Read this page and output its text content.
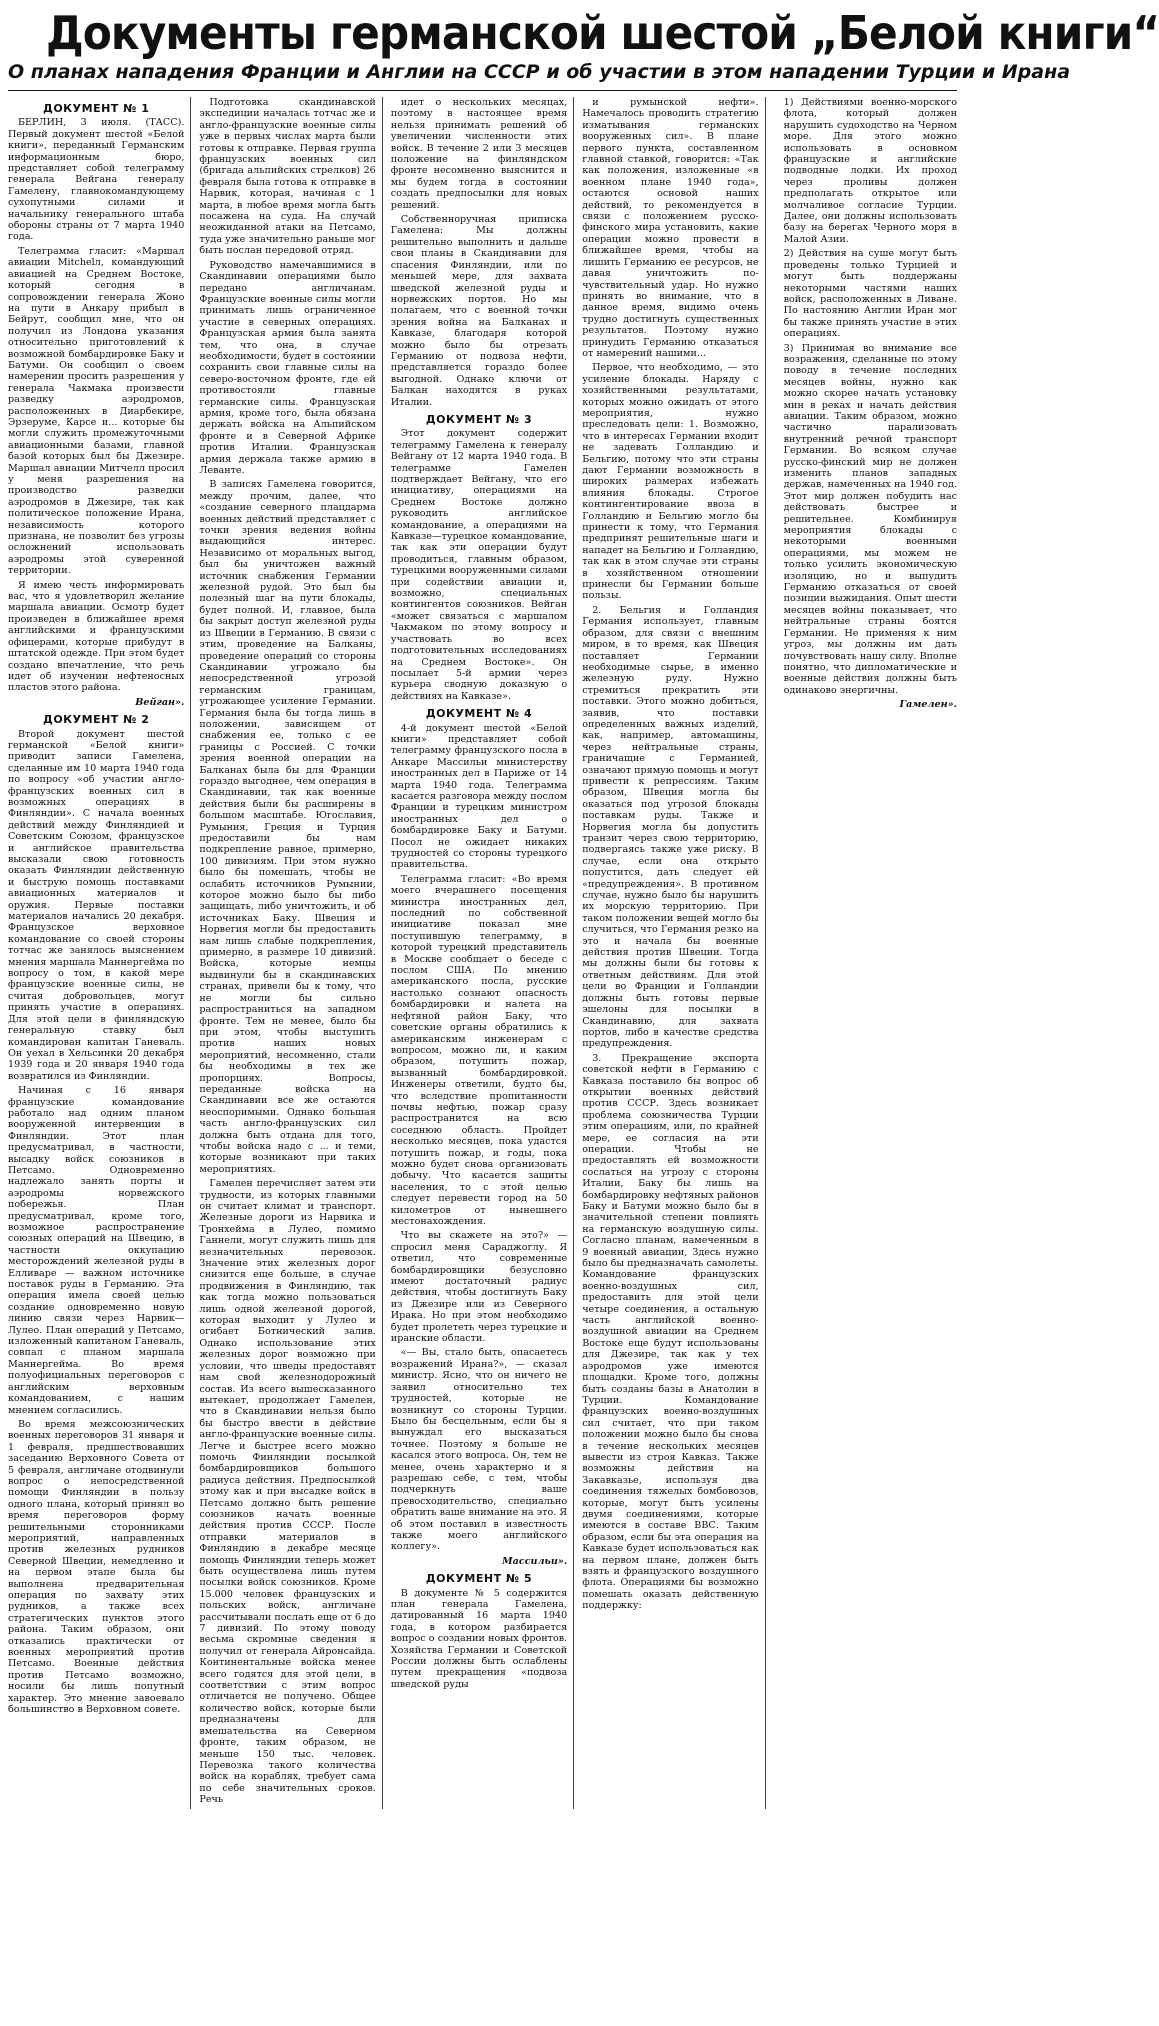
Документы германской шестой „Белой книги“
О планах нападения Франции и Англии на СССР и об участии в этом нападении Турции и Ирана
ДОКУМЕНТ № 1

БЕРЛИН, 3 июля. (ТАСС). Первый документ шестой «Белой книги», переданный Германским информационным бюро, представляет собой телеграмму генерала Вейгана генералу Гамелену, главнокомандующему сухопутными силами и начальнику генерального штаба обороны страны от 7 марта 1940 года.

Телеграмма гласит: «Маршал авиации Мitchelл, командующий авиацией на Среднем Востоке, который сегодня в сопровождении генерала Жоно на пути в Анкару прибыл в Бейрут, сообщил мне, что он получил из Лондона указания относительно приготовлений к возможной бомбардировке Баку и Батуми. Он сообщил о своем намерении просить разрешения у генерала Чакмака произвести разведку аэродромов, расположенных в Диарбекире, Эрзеруме, Карсе и... которые бы могли служить промежуточными авиационными базами, главной базой которых был бы Джезире. Маршал авиации Митчелл просил у меня разрешения на производство разведки аэродромов в Джезире, так как политическое положение Ирана, независимость которого признана, не позволит без угрозы осложнений использовать аэродромы этой суверенной территории.

Я имею честь информировать вас, что я удовлетворил желание маршала авиации. Осмотр будет произведен в ближайшее время английскими и французскими офицерами, которые прибудут в штатской одежде. При этом будет создано впечатление, что речь идет об изучении нефтеносных пластов этого района.

Вейган».
ДОКУМЕНТ № 2

Второй документ шестой германской «Белой книги» приводит записи Гамелена, сделанные им 10 марта 1940 года по вопросу «об участии англо-французских военных сил в возможных операциях в Финляндии». С начала военных действий между Финляндией и Советским Союзом, французское и английское правительства высказали свою готовность оказать Финляндии действенную и быструю помощь поставками авиационных материалов и оружия. Первые поставки материалов начались 20 декабря. Французское верховное командование со своей стороны тотчас же занялось выяснением мнения маршала Маннергейма по вопросу о том, в какой мере французские военные силы, не считая добровольцев, могут принять участие в операциях. Для этой цели в финляндскую генеральную ставку был командирован капитан Ганеваль. Он уехал в Хельсинки 20 декабря 1939 года и 20 января 1940 года возвратился из Финляндии.

Начиная с 16 января французские командование работало над одним планом вооруженной интервенции в Финляндии. Этот план предусматривал, в частности, высадку войск союзников в Петсамо. Одновременно надлежало занять порты и аэродромы норвежского побережья. План предусматривал, кроме того, возможное распространение союзных операций на Швецию, в частности оккупацию месторождений железной руды в Елливаре — важном источнике поставок руды в Германию. Эта операция имела своей целью создание одновременно новую линию связи через Нарвик—Лулео. План операций у Петсамо, изложенный капитаном Ганеваль, совпал с планом маршала Маннергейма. Во время полуофициальных переговоров с английским верховным командованием, с нашим мнением согласились.

Во время межсоюзнических военных переговоров 31 января и 1 февраля, предшествовавших заседанию Верховного Совета от 5 февраля, англичане отодвинули вопрос о непосредственной помощи Финляндии в пользу одного плана, который принял во время переговоров форму решительными сторонниками мероприятий, направленных против железных рудников Северной Швеции, немедленно и на первом этапе была бы выполнена предварительная операция по захвату этих рудников, а также всех стратегических пунктов этого района. Таким образом, они отказались практически от военных мероприятий против Петсамо. Военные действия против Петсамо возможно, носили бы лишь попутный характер. Это мнение завоевало большинство в Верховном совете.

Подготовка скандинавской экспедиции началась тотчас же и англо-французские военные силы уже в первых числах марта были готовы к отправке. Первая группа французских военных сил (бригада альпийских стрелков) 26 февраля была готова к отправке в Нарвик, которая, начиная с 1 марта, в любое время могла быть посажена на суда. На случай неожиданной атаки на Петсамо, туда уже значительно раньше мог быть послан передовой отряд.

Руководство намечавшимися в Скандинавии операциями было передано англичанам. Французские военные силы могли принимать лишь ограниченное участие в северных операциях. Французская армия была занята тем, что она, в случае необходимости, будет в состоянии сохранить свои главные силы на северо-восточном фронте, где ей противостояли главные германские силы. Французская армия, кроме того, была обязана держать войска на Альпийском фронте и в Северной Африке против Италии. Французская армия держала также армию в Леванте.

В записях Гамелена говорится, между прочим, далее, что «создание северного плацдарма военных действий представляет с точки зрения ведения войны выдающийся интерес. Независимо от моральных выгод, был бы уничтожен важный источник снабжения Германии железной рудой. Это был бы полезный шаг на пути блокады, будет полной. И, главное, была бы закрыт доступ железной руды из Швеции в Германию. В связи с этим, проведение на Балканы, проведение операций со стороны Скандинавии угрожало бы непосредственной угрозой германским границам, угрожающее усиление Германии. Германия была бы тогда лишь в положении, зависящем от снабжения ее, только с ее границы с Россией. С точки зрения военной операции на Балканах была бы для Франции гораздо выгоднее, чем операция в Скандинавии, так как военные действия были бы расширены в большом масштабе. Югославия, Румыния, Греция и Турция предоставили бы нам подкрепление равное, примерно, 100 дивизиям. При этом нужно было бы помешать, чтобы не ослабить источников Румынии, которое можно было бы либо защищать, либо уничтожить, и об источниках Баку. Швеция и Норвегия могли бы предоставить нам лишь слабые подкрепления, примерно, в размере 10 дивизий. Войска, которые немцы выдвинули бы в скандинавских странах, привели бы к тому, что не могли бы сильно распространиться на западном фронте. Тем не менее, было бы при этом, чтобы выступить против наших новых мероприятий, несомненно, стали бы необходимы в тех же пропорциях. Вопросы, переданные войска на Скандинавии все же остаются неоспоримыми. Однако большая часть англо-французских сил должна быть отдана для того, чтобы войска надо с ... и теми, которые возникают при таких мероприятиях.

Гамелен перечисляет затем эти трудности, из которых главными он считает климат и транспорт. Железные дороги из Нарвика и Тронхейма в Лулео, помимо Ганнели, могут служить лишь для незначительных перевозок. Значение этих железных дорог снизится еще больше, в случае продвижения в Финляндию, так как тогда можно пользоваться лишь одной железной дорогой, которая выходит у Лулео и огибает Ботнический залив. Однако использование этих железных дорог возможно при условии, что шведы предоставят нам свой железнодорожный состав. Из всего вышесказанного вытекает, продолжает Гамелен, что в Скандинавии нельзя было бы быстро ввести в действие англо-французские военные силы. Легче и быстрее всего можно помочь Финляндии посылкой бомбардировщиков большого радиуса действия. Предпосылкой этому как и при высадке войск в Петсамо должно быть решение союзников начать военные действия против СССР. После отправки материалов в Финляндию в декабре месяце помощь Финляндии теперь может быть осуществлена лишь путем посылки войск союзников. Кроме 15.000 человек французских и польских войск, англичане рассчитывали послать еще от 6 до 7 дивизий. По этому поводу весьма скромные сведения я получил от генерала Айронсайда. Континентальные войска менее всего годятся для этой цели, в соответствии с этим вопрос отличается не получено. Общее количество войск, которые были предназначены для вмешательства на Северном фронте, таким образом, не меньше 150 тыс. человек. Перевозка такого количества войск на кораблях, требует сама по себе значительных сроков. Речь

идет о нескольких месяцах, поэтому в настоящее время нельзя принимать решений об увеличении численности этих войск. В течение 2 или 3 месяцев положение на финляндском фронте несомненно выяснится и мы будем тогда в состоянии создать предпосылки для новых решений.

Собственноручная приписка Гамелена: Мы должны решительно выполнить и дальше свои планы в Скандинавии для спасения Финляндии, или по меньшей мере, для захвата шведской железной руды и норвежских портов. Но мы полагаем, что с военной точки зрения война на Балканах и Кавказе, благодаря которой можно было бы отрезать Германию от подвоза нефти, представляется гораздо более выгодной. Однако ключи от Балкан находятся в руках Италии.

ДОКУМЕНТ № 3

Этот документ содержит телеграмму Гамелена к генералу Вейгану от 12 марта 1940 года. В телеграмме Гамелен подтверждает Вейгану, что его инициативу, операциями на Среднем Востоке должно руководить английское командование, а операциями на Кавказе—турецкое командование, так как эти операции будут проводиться, главным образом, турецкими вооруженными силами при содействии авиации и, возможно, специальных контингентов союзников. Вейган «может связаться с маршалом Чакмаком по этому вопросу и участвовать во всех подготовительных исследованиях на Среднем Востоке». Он посылает 5-й армии через курьера сводную доказную о действиях на Кавказе».

ДОКУМЕНТ № 4

4-й документ шестой «Белой книги» представляет собой телеграмму французского посла в Анкаре Массильи министерству иностранных дел в Париже от 14 марта 1940 года. Телеграмма касается разговора между послом Франции и турецким министром иностранных дел о бомбардировке Баку и Батуми. Посол не ожидает никаких трудностей со стороны турецкого правительства.

Телеграмма гласит: «Во время моего вчерашнего посещения министра иностранных дел, последний по собственной инициативе показал мне поступившую телеграмму, в которой турецкий представитель в Москве сообщает о беседе с послом США. По мнению американского посла, русские настолько сознают опасность бомбардировки и налета на нефтяной район Баку, что советские органы обратились к американским инженерам с вопросом, можно ли, и каким образом, потушить пожар, вызванный бомбардировкой. Инженеры ответили, будто бы, что вследствие пропитанности почвы нефтью, пожар сразу распространится на всю соседнюю область. Пройдет несколько месяцев, пока удастся потушить пожар, и годы, пока можно будет снова организовать добычу. Что касается защиты населения, то с этой целью следует перевести город на 50 километров от нынешнего местонахождения.

Что вы скажете на это?» — спросил меня Сараджоглу. Я ответил, что современные бомбардировщики безусловно имеют достаточный радиус действия, чтобы достигнуть Баку из Джезире или из Северного Ирака. Но при этом необходимо будет пролететь через турецкие и иранские области.

«— Вы, стало быть, опасаетесь возражений Ирана?», — сказал министр. Ясно, что он ничего не заявил относительно тех трудностей, которые не возникнут со стороны Турции. Было бы бесцельным, если бы я вынуждал его высказаться точнее. Поэтому я больше не касался этого вопроса. Он, тем не менее, очень характерно и я разрешаю себе, с тем, чтобы подчеркнуть ваше превосходительство, специально обратить ваше внимание на это. Я об этом поставил в известность также моего английского коллегу».

Массильи».
ДОКУМЕНТ № 5

В документе № 5 содержится план генерала Гамелена, датированный 16 марта 1940 года, в котором разбирается вопрос о создании новых фронтов. Хозяйства Германии и Советской России должны быть ослаблены путем прекращения «подвоза шведской руды

и румынской нефти». Намечалось проводить стратегию изматывания германских вооруженных сил». В плане первого пункта, составленном главной ставкой, говорится: «Так как положения, изложенные «в военном плане 1940 года», остаются основой наших действий, то рекомендуется в связи с положением русско-финского мира установить, какие операции можно провести в ближайшее время, чтобы на лишить Германию ее ресурсов, не давая уничтожить по-чувствительный удар. Но нужно принять во внимание, что в данное время, видимо очень трудно достигнуть существенных результатов. Поэтому нужно принудить Германию отказаться от намерений нашими...

Первое, что необходимо, — это усиление блокады. Наряду с хозяйственными результатами, которых можно ожидать от этого мероприятия, нужно преследовать цели: 1. Возможно, что в интересах Германии входит не задевать Голландию и Бельгию, потому что эти страны дают Германии возможность в широких размерах избежать влияния блокады. Строгое контингентирование ввоза в Голландию и Бельгию могло бы принести к тому, что Германия предпринят решительные шаги и нападет на Бельгию и Голландию, так как в этом случае эти страны в хозяйственном отношении принесли бы Германии больше пользы.

2. Бельгия и Голландия Германия использует, главным образом, для связи с внешним миром, в то время, как Швеция поставляет Германии необходимые сырье, в именно железную руду. Нужно стремиться прекратить эти поставки. Этого можно добиться, заявив, что поставки определенных важных изделий, как, например, автомашины, через нейтральные страны, граничащие с Германией, означают прямую помощь и могут привести к репрессиям. Таким образом, Швеция могла бы оказаться под угрозой блокады поставкам руды. Также и Норвегия могла бы допустить транзит через свою территорию, подвергаясь также уже риску. В случае, если она открыто попустится, дать следует ей «предупреждения». В противном случае, нужно было бы нарушить их морскую территорию. При таком положении вещей могло бы случиться, что Германия резко на это и начала бы военные действия против Швеции. Тогда мы должны были бы готовы к ответным действиям. Для этой цели во Франции и Голландии должны быть готовы первые эшелоны для посылки в Скандинавию, для захвата портов, либо в качестве средства предупреждения.

3. Прекращение экспорта советской нефти в Германию с Кавказа поставило бы вопрос об открытии военных действий против СССР. Здесь возникает проблема союзничества Турции этим операциям, или, по крайней мере, ее согласия на эти операции. Чтобы не предоставлять ей возможности сослаться на угрозу с стороны Италии, Баку бы лишь на бомбардировку нефтяных районов Баку и Батуми можно было бы в значительной степени повлиять на германскую воздушную силы. Согласно планам, намеченным в 9 военный авиации, Здесь нужно было бы предназначать самолеты. Командование французских военно-воздушных сил, предоставить для этой цели четыре соединения, а остальную часть английской военно-воздушной авиации на Среднем Востоке еще будут использованы для Джезире, так как у тех аэродромов уже имеются площадки. Кроме того, должны быть созданы базы в Анатолии в Турции. Командование французских военно-воздушных сил считает, что при таком положении можно было бы снова в течение нескольких месяцев вывести из строя Кавказ. Также возможны действия на Закавказье, используя два соединения тяжелых бомбовозов, которые, могут быть усилены двумя соединениями, которые имеются в составе ВВС. Таким образом, если бы эта операция на Кавказе будет использоваться как на первом плане, должен быть взять и французского воздушного флота. Операциями бы возможно помешать оказать действенную поддержку:

1) Действиями военно-морского флота, который должен нарушить судоходство на Черном море. Для этого можно использовать в основном французские и английские подводные лодки. Их проход через проливы должен предполагать открытое или молчаливое согласие Турции. Далее, они должны использовать базу на берегах Черного моря в Малой Азии.

2) Действия на суше могут быть проведены только Турцией и могут быть поддержаны некоторыми частями наших войск, расположенных в Ливане. По настоянию Англии Иран мог бы также принять участие в этих операциях.

3) Принимая во внимание все возражения, сделанные по этому поводу в течение последних месяцев войны, нужно как можно скорее начать установку мин в реках и начать действия авиации. Таким образом, можно частично парализовать внутренний речной транспорт Германии. Во всяком случае русско-финский мир не должен изменить планов западных держав, намеченных на 1940 год. Этот мир должен побудить нас действовать быстрее и решительнее. Комбинируя мероприятия блокады с некоторыми военными операциями, мы можем не только усилить экономическую изоляцию, но и выпудить Германию отказаться от своей позиции выжидания. Опыт шести месяцев войны показывает, что нейтральные страны боятся Германии. Не применяя к ним угроз, мы должны им дать почувствовать нашу силу. Вполне понятно, что дипломатические и военные действия должны быть одинаково энергичны.

Гамелен».
